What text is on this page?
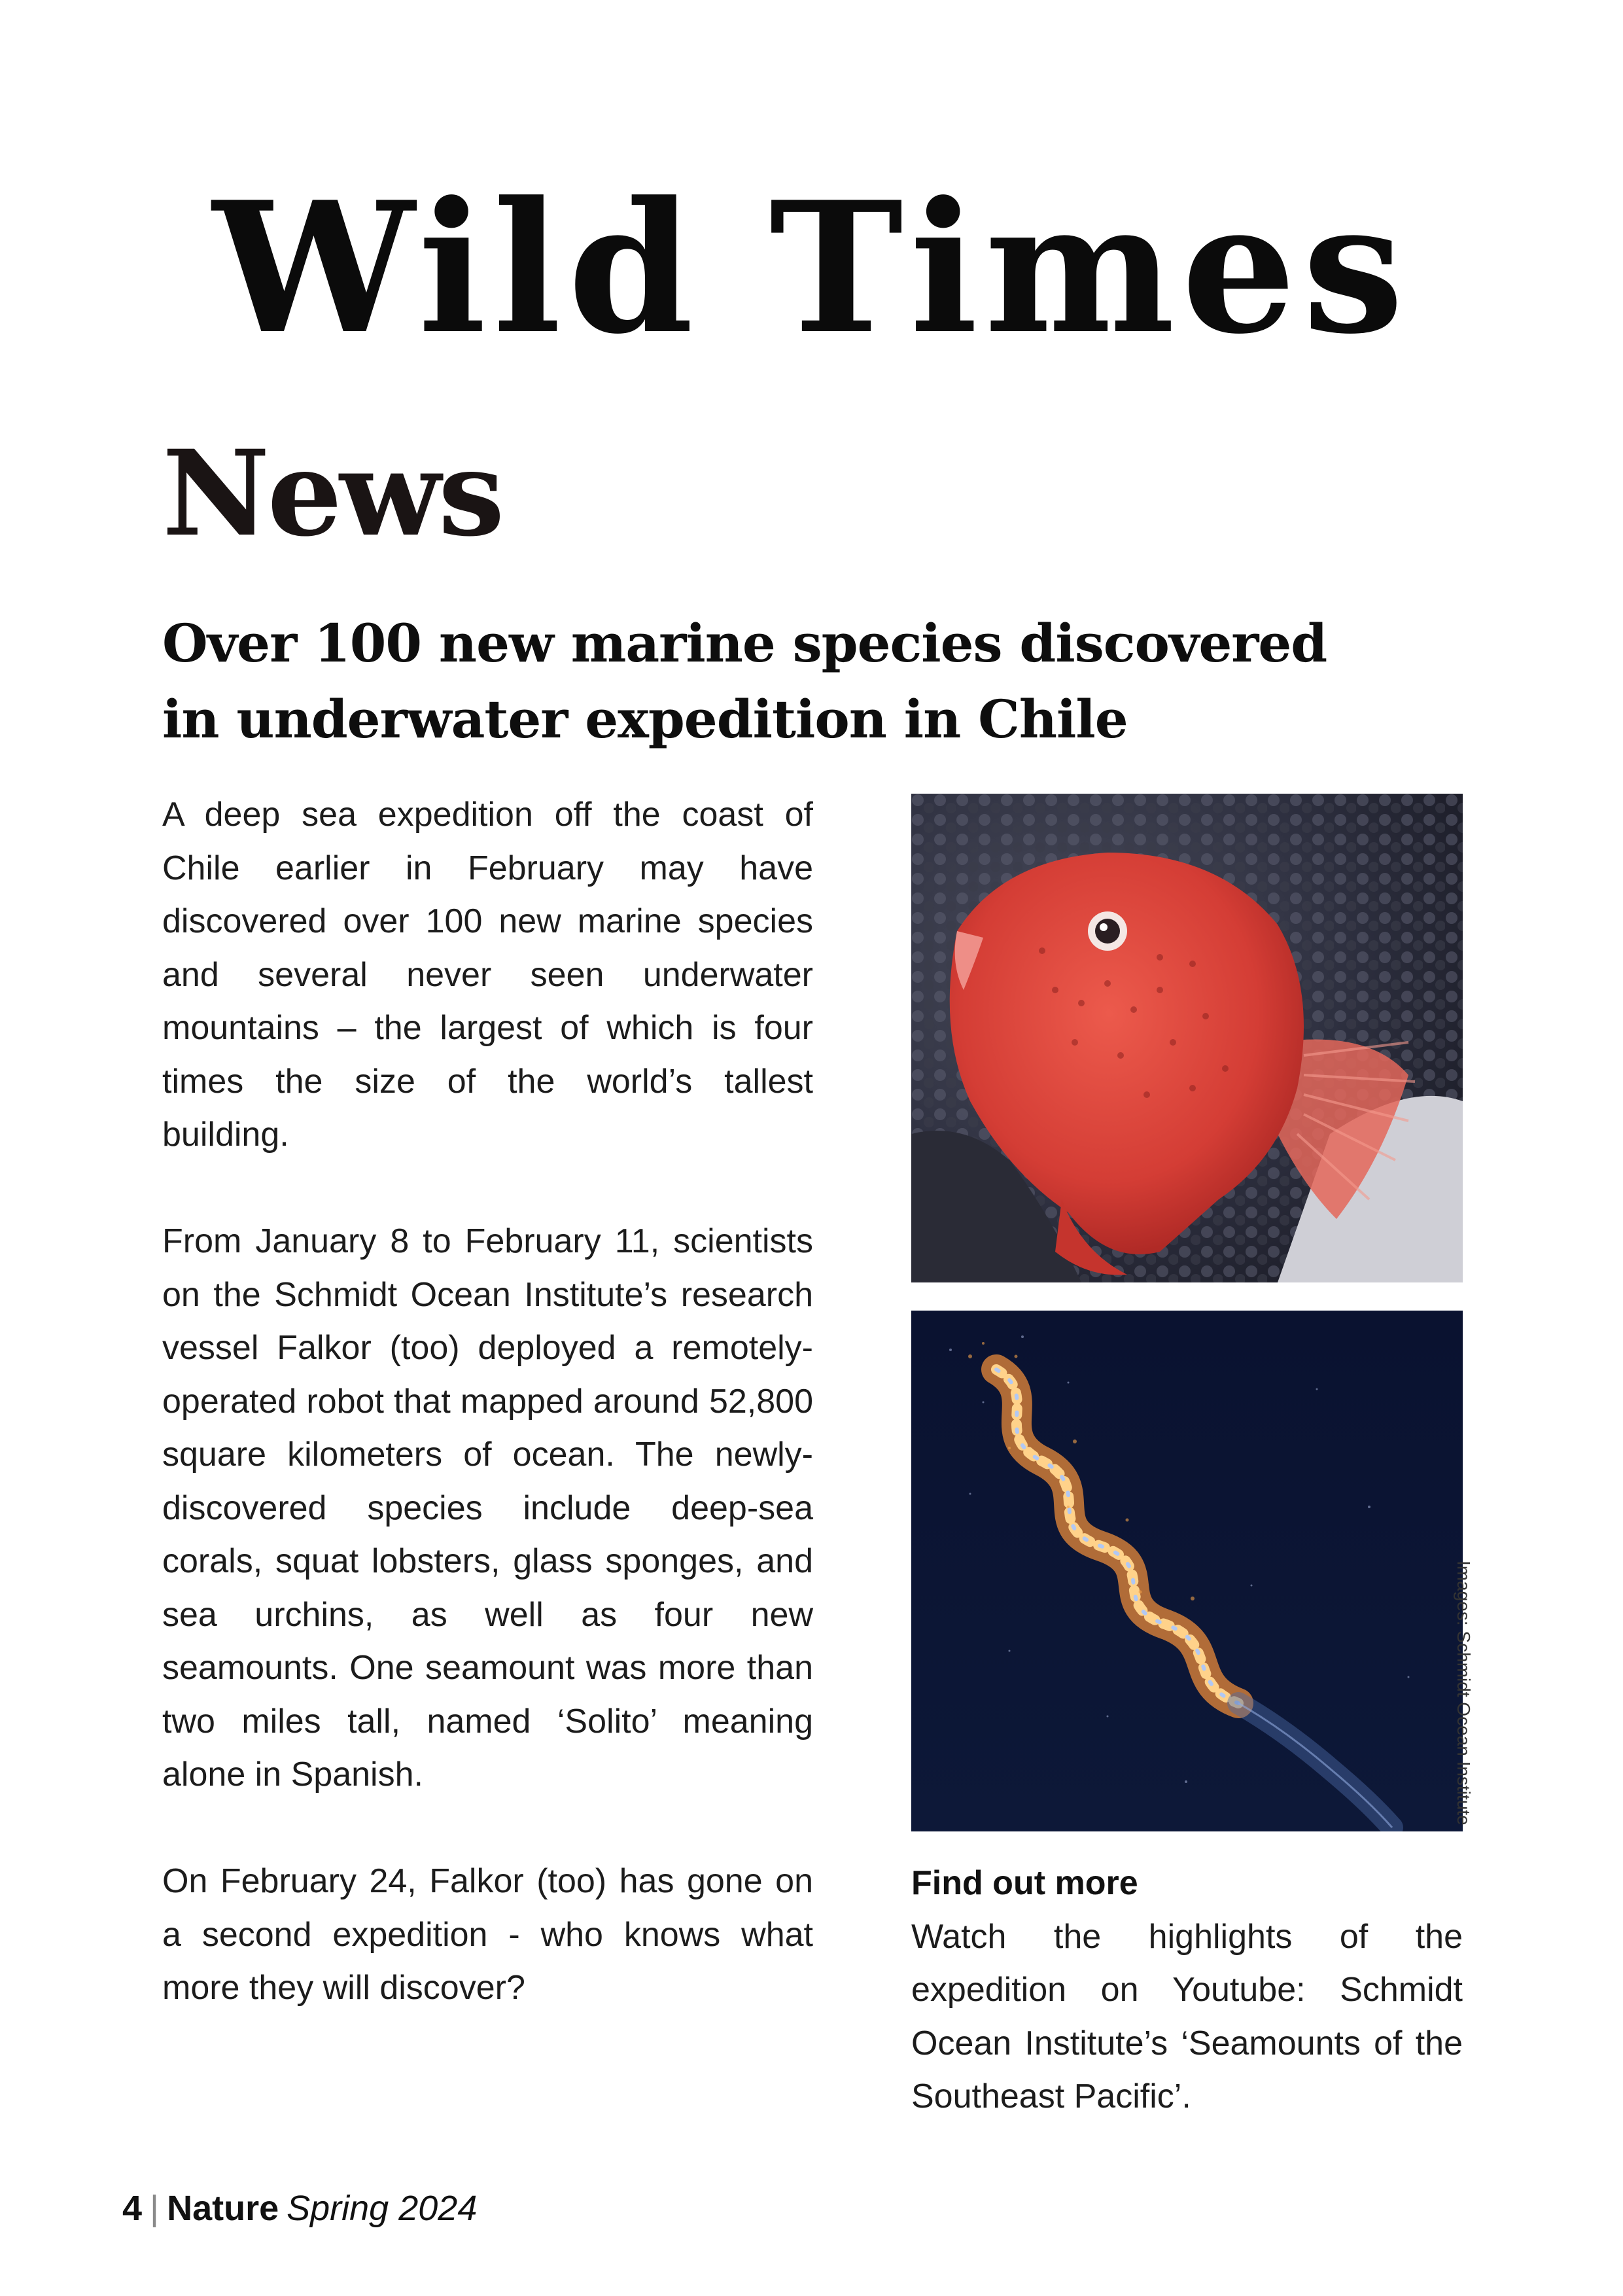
Wild Times
News
Over 100 new marine species discovered
in underwater expedition in Chile

A deep sea expedition off the coast of Chile earlier in February may have discovered over 100 new marine species and several never seen underwater mountains – the largest of which is four times the size of the world’s tallest building.

From January 8 to February 11, scientists on the Schmidt Ocean Institute’s research vessel Falkor (too) deployed a remotely-operated robot that mapped around 52,800 square kilometers of ocean. The newly-discovered species include deep-sea corals, squat lobsters, glass sponges, and sea urchins, as well as four new seamounts. One seamount was more than two miles tall, named ‘Solito’ meaning alone in Spanish.

On February 24, Falkor (too) has gone on a second expedition - who knows what more they will discover?

Images: Schmidt Ocean Institute
Find out more
Watch the highlights of the expedition on Youtube: Schmidt Ocean Institute’s ‘Seamounts of the Southeast Pacific’.
4 | Nature Spring 2024
